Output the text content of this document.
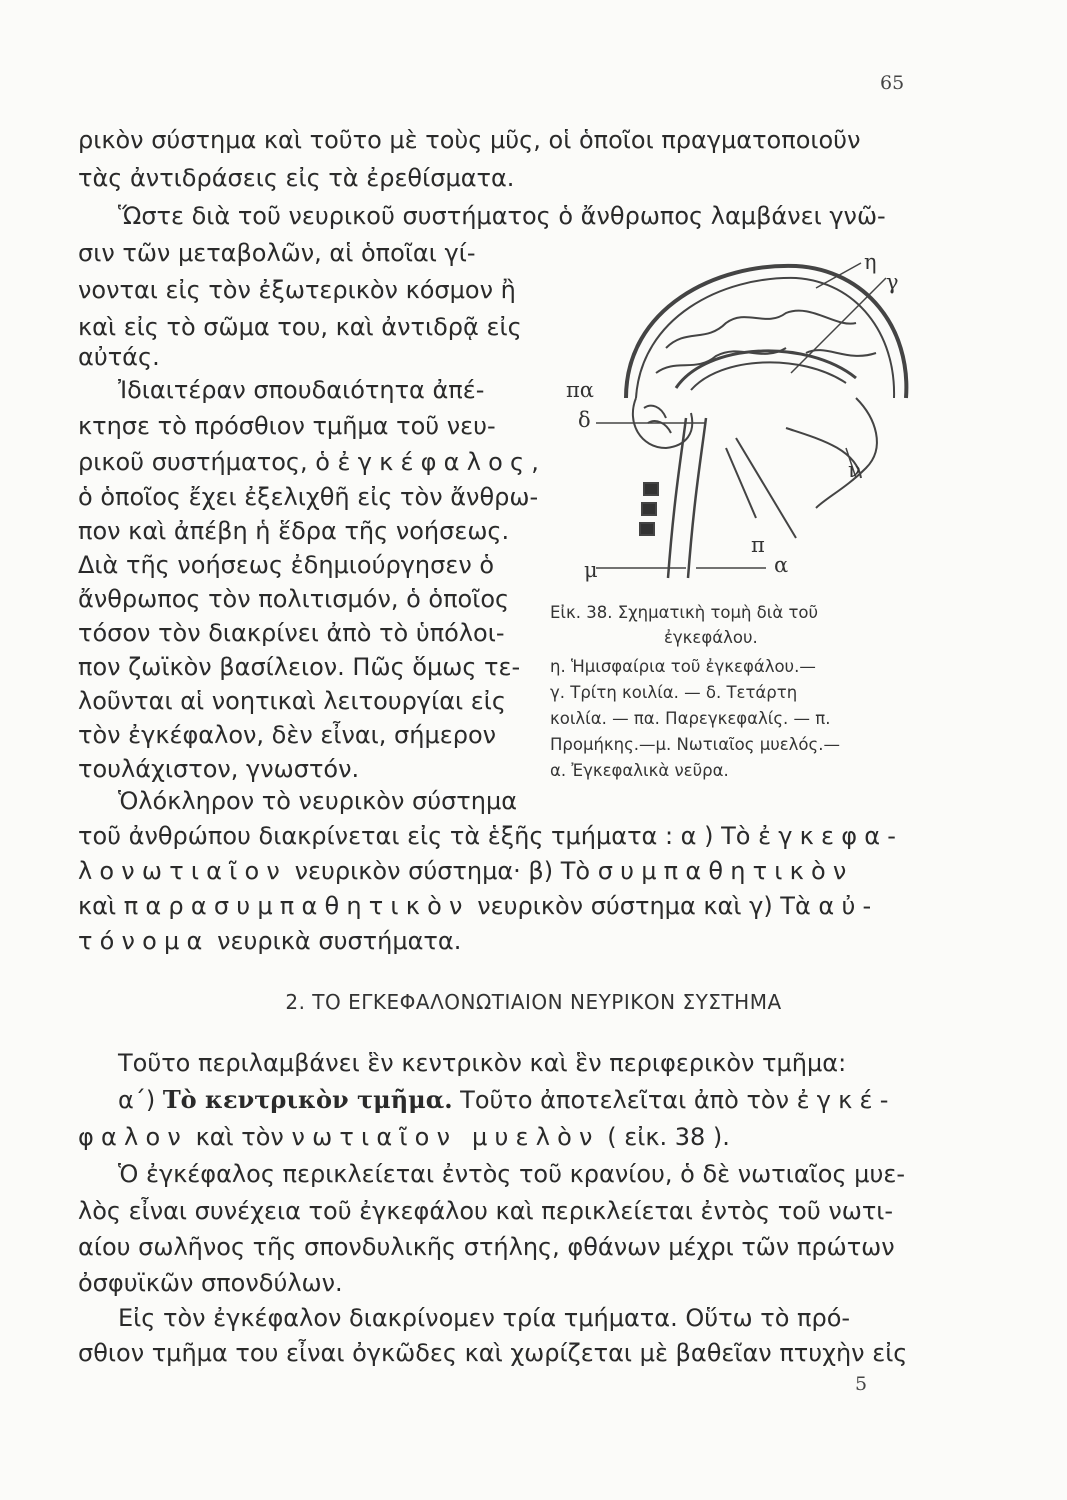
65
ρικὸν σύστημα καὶ τοῦτο μὲ τοὺς μῦς, οἱ ὁποῖοι πραγματοποιοῦν
τὰς ἀντιδράσεις εἰς τὰ ἐρεθίσματα.
Ὥστε διὰ τοῦ νευρικοῦ συστήματος ὁ ἄνθρωπος λαμβάνει γνῶ-
σιν τῶν μεταβολῶν, αἱ ὁποῖαι γί-
νονται εἰς τὸν ἐξωτερικὸν κόσμον ἢ
καὶ εἰς τὸ σῶμα του, καὶ ἀντιδρᾷ εἰς
αὐτάς.
Ἰδιαιτέραν σπουδαιότητα ἀπέ-
κτησε τὸ πρόσθιον τμῆμα τοῦ νευ-
ρικοῦ συστήματος, ὁ ἐγκέφαλος,
ὁ ὁποῖος ἔχει ἐξελιχθῆ εἰς τὸν ἄνθρω-
πον καὶ ἀπέβη ἡ ἕδρα τῆς νοήσεως.
Διὰ τῆς νοήσεως ἐδημιούργησεν ὁ
ἄνθρωπος τὸν πολιτισμόν, ὁ ὁποῖος
τόσον τὸν διακρίνει ἀπὸ τὸ ὑπόλοι-
πον ζωϊκὸν βασίλειον. Πῶς ὅμως τε-
λοῦνται αἱ νοητικαὶ λειτουργίαι εἰς
τὸν ἐγκέφαλον, δὲν εἶναι, σήμερον
τουλάχιστον, γνωστόν.
Ὁλόκληρον τὸ νευρικὸν σύστημα
τοῦ ἀνθρώπου διακρίνεται εἰς τὰ ἑξῆς τμήματα : α ) Τὸ ἐγκεφα-
λονωτιαῖον νευρικὸν σύστημα· β) Τὸ συμπαθητικὸν
καὶ παρασυμπαθητικὸν νευρικὸν σύστημα καὶ γ) Τὰ αὐ-
τόνομα νευρικὰ συστήματα.
πα
δ
η
γ
ν
π
μ	α
Εἰκ. 38. Σχηματικὴ τομὴ διὰ τοῦ
ἐγκεφάλου.
η. Ἡμισφαίρια τοῦ ἐγκεφάλου.—
γ. Τρίτη κοιλία. — δ. Τετάρτη
κοιλία. — πα. Παρεγκεφαλίς. — π.
Προμήκης.—μ. Νωτιαῖος μυελός.—
α. Ἐγκεφαλικὰ νεῦρα.
2. ΤΟ ΕΓΚΕΦΑΛΟΝΩΤΙΑΙΟΝ ΝΕΥΡΙΚΟΝ ΣΥΣΤΗΜΑ
Τοῦτο περιλαμβάνει ἓν κεντρικὸν καὶ ἓν περιφερικὸν τμῆμα:
α΄) Τὸ κεντρικὸν τμῆμα. Τοῦτο ἀποτελεῖται ἀπὸ τὸν ἐγκέ-
φαλον καὶ τὸν νωτιαῖον μυελὸν ( εἰκ. 38 ).
Ὁ ἐγκέφαλος περικλείεται ἐντὸς τοῦ κρανίου, ὁ δὲ νωτιαῖος μυε-
λὸς εἶναι συνέχεια τοῦ ἐγκεφάλου καὶ περικλείεται ἐντὸς τοῦ νωτι-
αίου σωλῆνος τῆς σπονδυλικῆς στήλης, φθάνων μέχρι τῶν πρώτων
ὀσφυϊκῶν σπονδύλων.
Εἰς τὸν ἐγκέφαλον διακρίνομεν τρία τμήματα. Οὕτω τὸ πρό-
σθιον τμῆμα του εἶναι ὀγκῶδες καὶ χωρίζεται μὲ βαθεῖαν πτυχὴν εἰς
5
